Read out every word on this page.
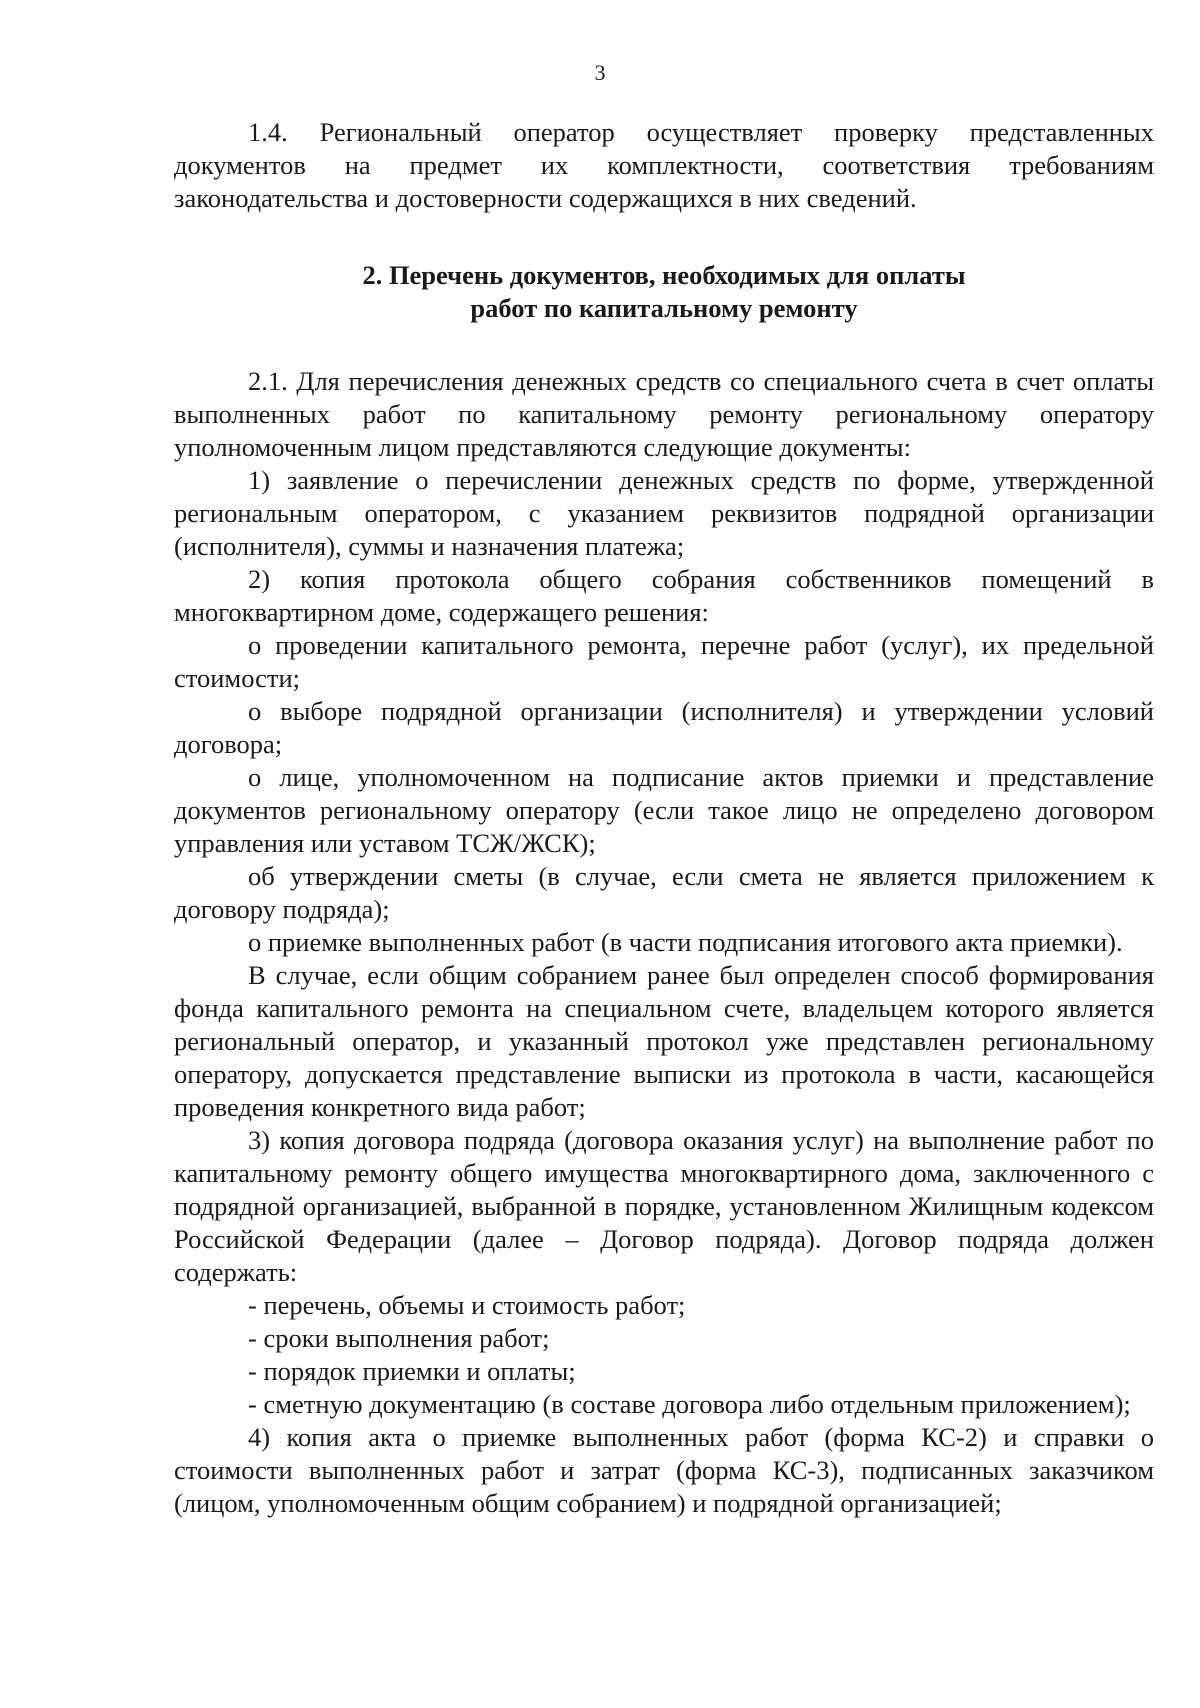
3

1.4. Региональный оператор осуществляет проверку представленных документов на предмет их комплектности, соответствия требованиям законодательства и достоверности содержащихся в них сведений.

2. Перечень документов, необходимых для оплаты
работ по капитальному ремонту

2.1. Для перечисления денежных средств со специального счета в счет оплаты выполненных работ по капитальному ремонту региональному оператору уполномоченным лицом представляются следующие документы:

1) заявление о перечислении денежных средств по форме, утвержденной региональным оператором, с указанием реквизитов подрядной организации (исполнителя), суммы и назначения платежа;

2) копия протокола общего собрания собственников помещений в многоквартирном доме, содержащего решения:

о проведении капитального ремонта, перечне работ (услуг), их предельной стоимости;

о выборе подрядной организации (исполнителя) и утверждении условий договора;

о лице, уполномоченном на подписание актов приемки и представление документов региональному оператору (если такое лицо не определено договором управления или уставом ТСЖ/ЖСК);

об утверждении сметы (в случае, если смета не является приложением к договору подряда);

о приемке выполненных работ (в части подписания итогового акта приемки).

В случае, если общим собранием ранее был определен способ формирования фонда капитального ремонта на специальном счете, владельцем которого является региональный оператор, и указанный протокол уже представлен региональному оператору, допускается представление выписки из протокола в части, касающейся проведения конкретного вида работ;

3) копия договора подряда (договора оказания услуг) на выполнение работ по капитальному ремонту общего имущества многоквартирного дома, заключенного с подрядной организацией, выбранной в порядке, установленном Жилищным кодексом Российской Федерации (далее – Договор подряда). Договор подряда должен содержать:

- перечень, объемы и стоимость работ;

- сроки выполнения работ;

- порядок приемки и оплаты;

- сметную документацию (в составе договора либо отдельным приложением);

4) копия акта о приемке выполненных работ (форма КС-2) и справки о стоимости выполненных работ и затрат (форма КС-3), подписанных заказчиком (лицом, уполномоченным общим собранием) и подрядной организацией;
